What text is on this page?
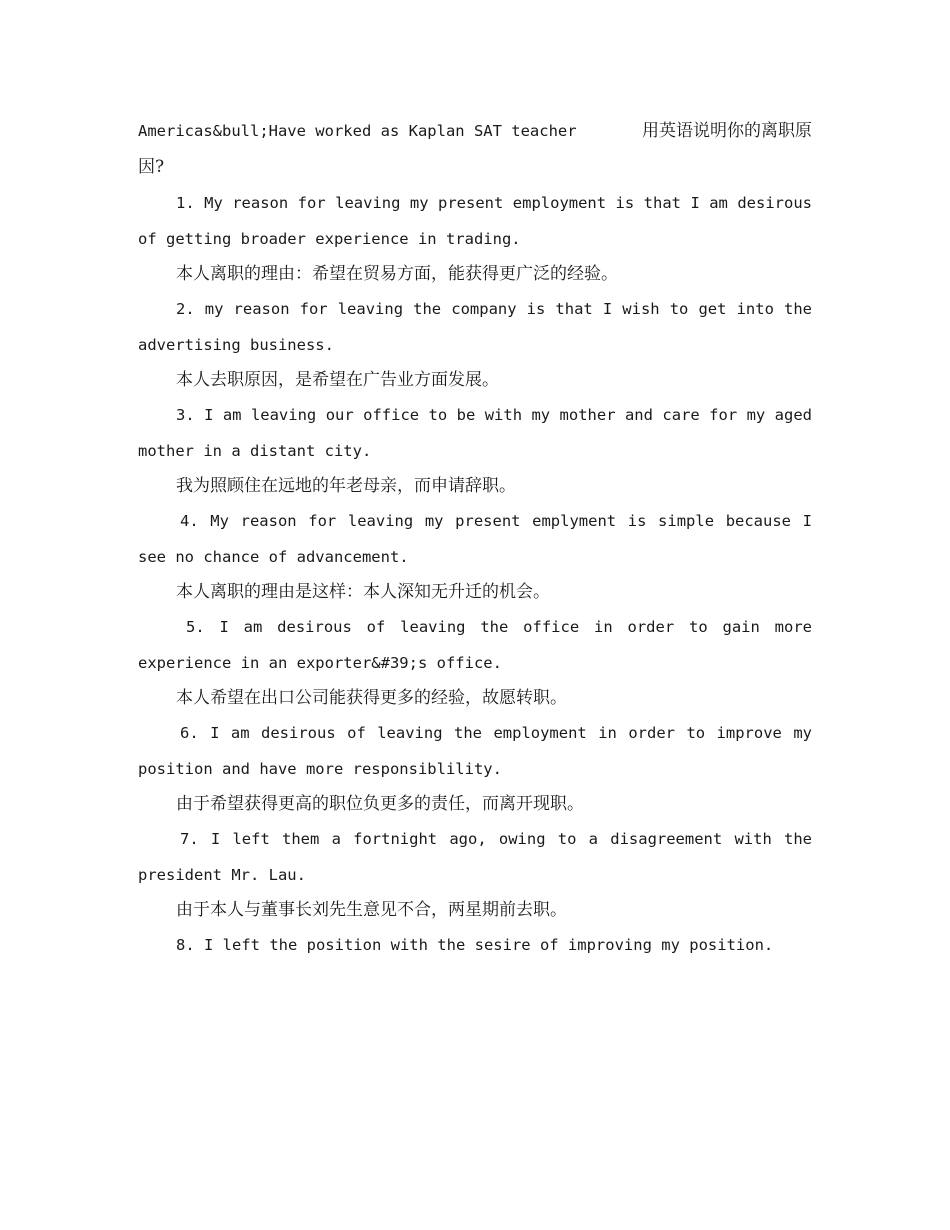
Americas&bull;Have worked as Kaplan SAT teacher	用英语说明你的离职原
因?
1. My reason for leaving my present employment is that I am desirous
of getting broader experience in trading.
本人离职的理由：希望在贸易方面，能获得更广泛的经验。
2. my reason for leaving the company is that I wish to get into the
advertising business.
本人去职原因，是希望在广告业方面发展。
3. I am leaving our office to be with my mother and care for my aged
mother in a distant city.
我为照顾住在远地的年老母亲，而申请辞职。
4. My reason for leaving my present emplyment is simple because I
see no chance of advancement.
本人离职的理由是这样：本人深知无升迁的机会。
5. I am desirous of leaving the office in order to gain more
experience in an exporter&#39;s office.
本人希望在出口公司能获得更多的经验，故愿转职。
6. I am desirous of leaving the employment in order to improve my
position and have more responsiblility.
由于希望获得更高的职位负更多的责任，而离开现职。
7. I left them a fortnight ago, owing to a disagreement with the
president Mr. Lau.
由于本人与董事长刘先生意见不合，两星期前去职。
8. I left the position with the sesire of improving my position.
